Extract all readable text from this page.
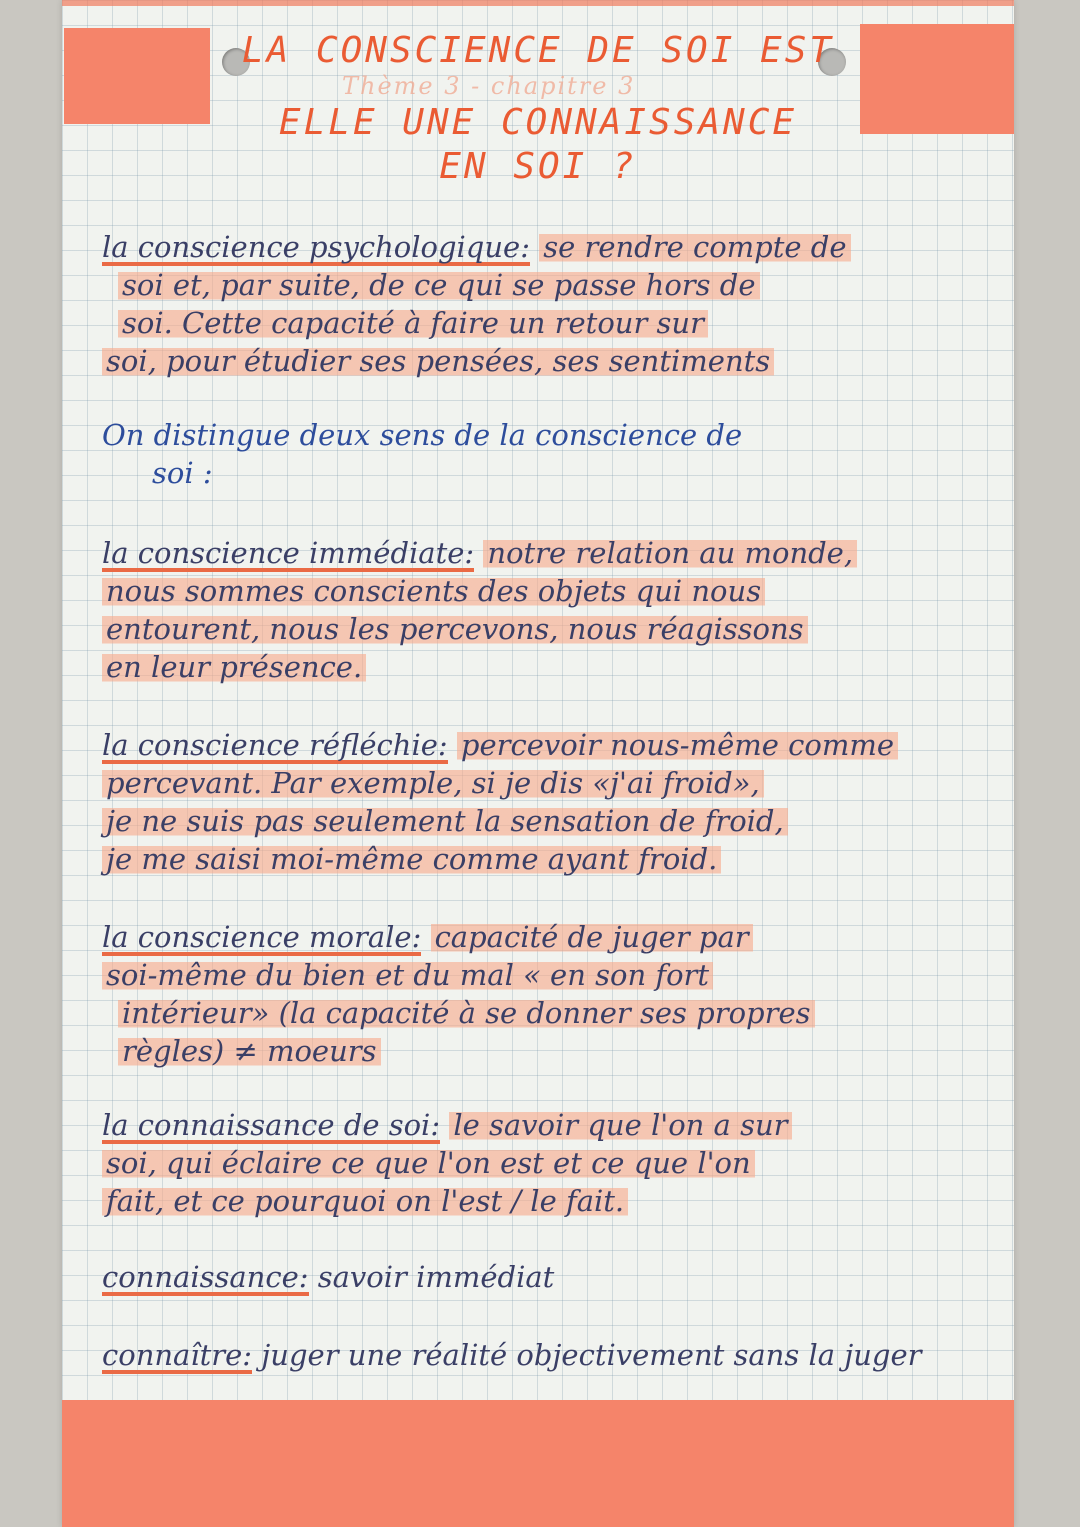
LA CONSCIENCE DE SOI EST
Thème 3 - chapitre 3
ELLE UNE CONNAISSANCE
EN SOI ?
la conscience psychologique: se rendre compte de
soi et, par suite, de ce qui se passe hors de
soi. Cette capacité à faire un retour sur
soi, pour étudier ses pensées, ses sentiments
On distingue deux sens de la conscience de
soi :
la conscience immédiate: notre relation au monde,
nous sommes conscients des objets qui nous
entourent, nous les percevons, nous réagissons
en leur présence.
la conscience réfléchie: percevoir nous-même comme
percevant. Par exemple, si je dis «j'ai froid»,
je ne suis pas seulement la sensation de froid,
je me saisi moi-même comme ayant froid.
la conscience morale: capacité de juger par
soi-même du bien et du mal « en son fort
intérieur» (la capacité à se donner ses propres
règles) ≠ moeurs
la connaissance de soi: le savoir que l'on a sur
soi, qui éclaire ce que l'on est et ce que l'on
fait, et ce pourquoi on l'est / le fait.
connaissance: savoir immédiat
connaître: juger une réalité objectivement sans la juger
